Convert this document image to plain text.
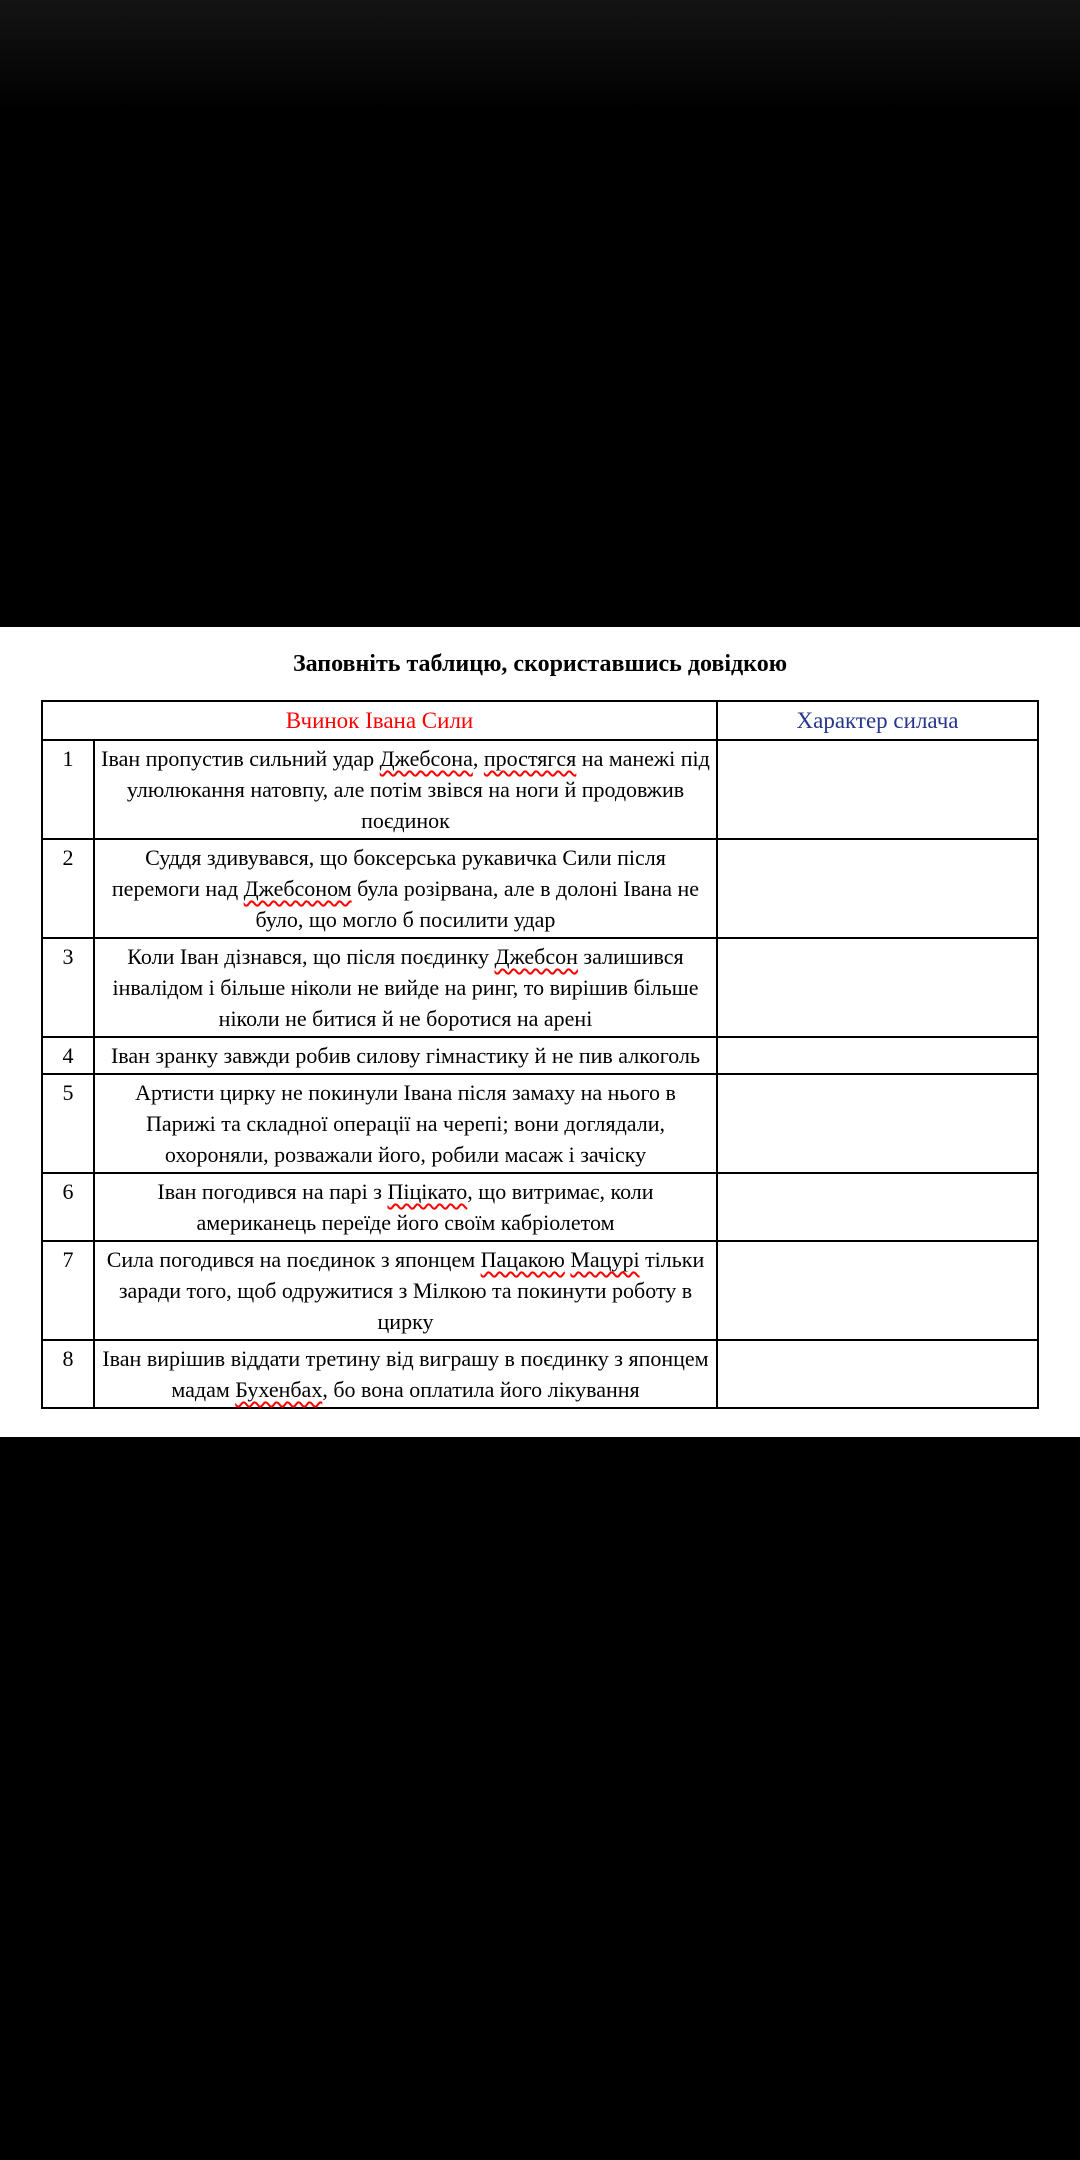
Заповніть таблицю, скориставшись довідкою
Вчинок Івана Сили		Характер силача
1	Іван пропустив сильний удар Джебсона, простягся на манежі під улюлюкання натовпу, але потім звівся на ноги й продовжив поєдинок	
2	Суддя здивувався, що боксерська рукавичка Сили після перемоги над Джебсоном була розірвана, але в долоні Івана не було, що могло б посилити удар	
3	Коли Іван дізнався, що після поєдинку Джебсон залишився інвалідом і більше ніколи не вийде на ринг, то вирішив більше ніколи не битися й не боротися на арені	
4	Іван зранку завжди робив силову гімнастику й не пив алкоголь	
5	Артисти цирку не покинули Івана після замаху на нього в Парижі та складної операції на черепі; вони доглядали, охороняли, розважали його, робили масаж і зачіску	
6	Іван погодився на парі з Піцікато, що витримає, коли американець переїде його своїм кабріолетом	
7	Сила погодився на поєдинок з японцем Пацакою Мацурі тільки заради того, щоб одружитися з Мілкою та покинути роботу в цирку	
8	Іван вирішив віддати третину від виграшу в поєдинку з японцем мадам Бухенбах, бо вона оплатила його лікування	
